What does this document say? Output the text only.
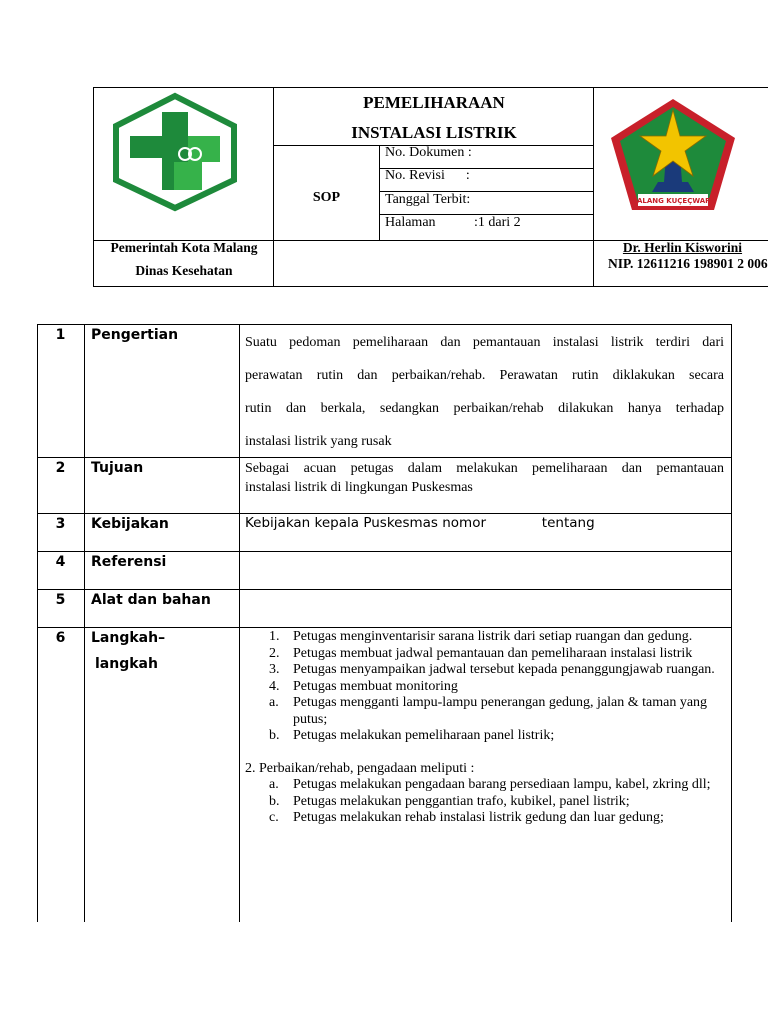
MALANG KUÇEÇWARA
PEMELIHARAAN INSTALASI LISTRIK
SOP
No. Dokumen :
No. Revisi      :
Tanggal Terbit:
Halaman           :1 dari 2
Pemerintah Kota Malang
Dinas Kesehatan
Dr. Herlin Kisworini
NIP. 12611216 198901 2 006
1	Pengertian	Suatu pedoman pemeliharaan dan pemantauan instalasi listrik terdiri dari
perawatan rutin dan perbaikan/rehab. Perawatan rutin diklakukan secara
rutin dan berkala, sedangkan perbaikan/rehab dilakukan hanya terhadap
instalasi listrik yang rusak
2	Tujuan	Sebagai acuan petugas dalam melakukan pemeliharaan dan pemantauan
instalasi listrik di lingkungan Puskesmas
3	Kebijakan	Kebijakan kepala Puskesmas nomor             tentang
4	Referensi
5	Alat dan bahan
6	Langkah–
langkah
1. Petugas menginventarisir sarana listrik dari setiap ruangan dan gedung.
2. Petugas membuat jadwal pemantauan dan pemeliharaan instalasi listrik
3. Petugas menyampaikan jadwal tersebut kepada penanggungjawab ruangan.
4. Petugas membuat monitoring
a. Petugas mengganti lampu-lampu penerangan gedung, jalan & taman yang putus;
b. Petugas melakukan pemeliharaan panel listrik;
2. Perbaikan/rehab, pengadaan meliputi :
a. Petugas melakukan pengadaan barang persediaan lampu, kabel, zkring dll;
b. Petugas melakukan penggantian trafo, kubikel, panel listrik;
c. Petugas melakukan rehab instalasi listrik gedung dan luar gedung;
